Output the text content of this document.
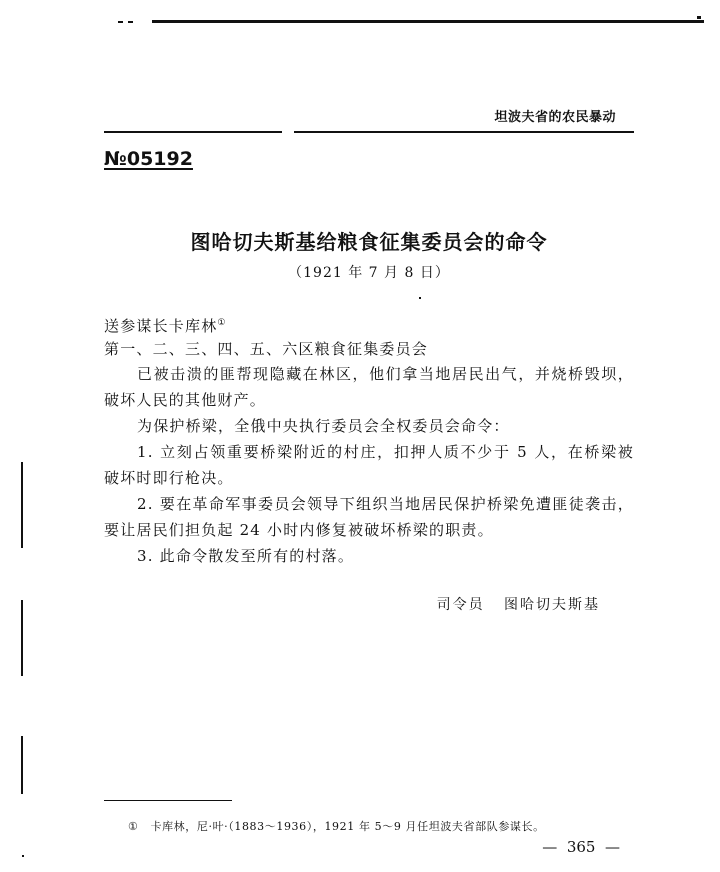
坦波夫省的农民暴动
№05192
图哈切夫斯基给粮食征集委员会的命令
（1921 年 7 月 8 日）
送参谋长卡库林①
第一、二、三、四、五、六区粮食征集委员会

已被击溃的匪帮现隐藏在林区，他们拿当地居民出气，并烧桥毁坝，破坏人民的其他财产。

为保护桥梁，全俄中央执行委员会全权委员会命令：

1. 立刻占领重要桥梁附近的村庄，扣押人质不少于 5 人，在桥梁被破坏时即行枪决。

2. 要在革命军事委员会领导下组织当地居民保护桥梁免遭匪徒袭击，要让居民们担负起 24 小时内修复被破坏桥梁的职责。

3. 此命令散发至所有的村落。

司令员 图哈切夫斯基
① 卡库林，尼·叶·（1883～1936），1921 年 5～9 月任坦波夫省部队参谋长。
—  365  —
